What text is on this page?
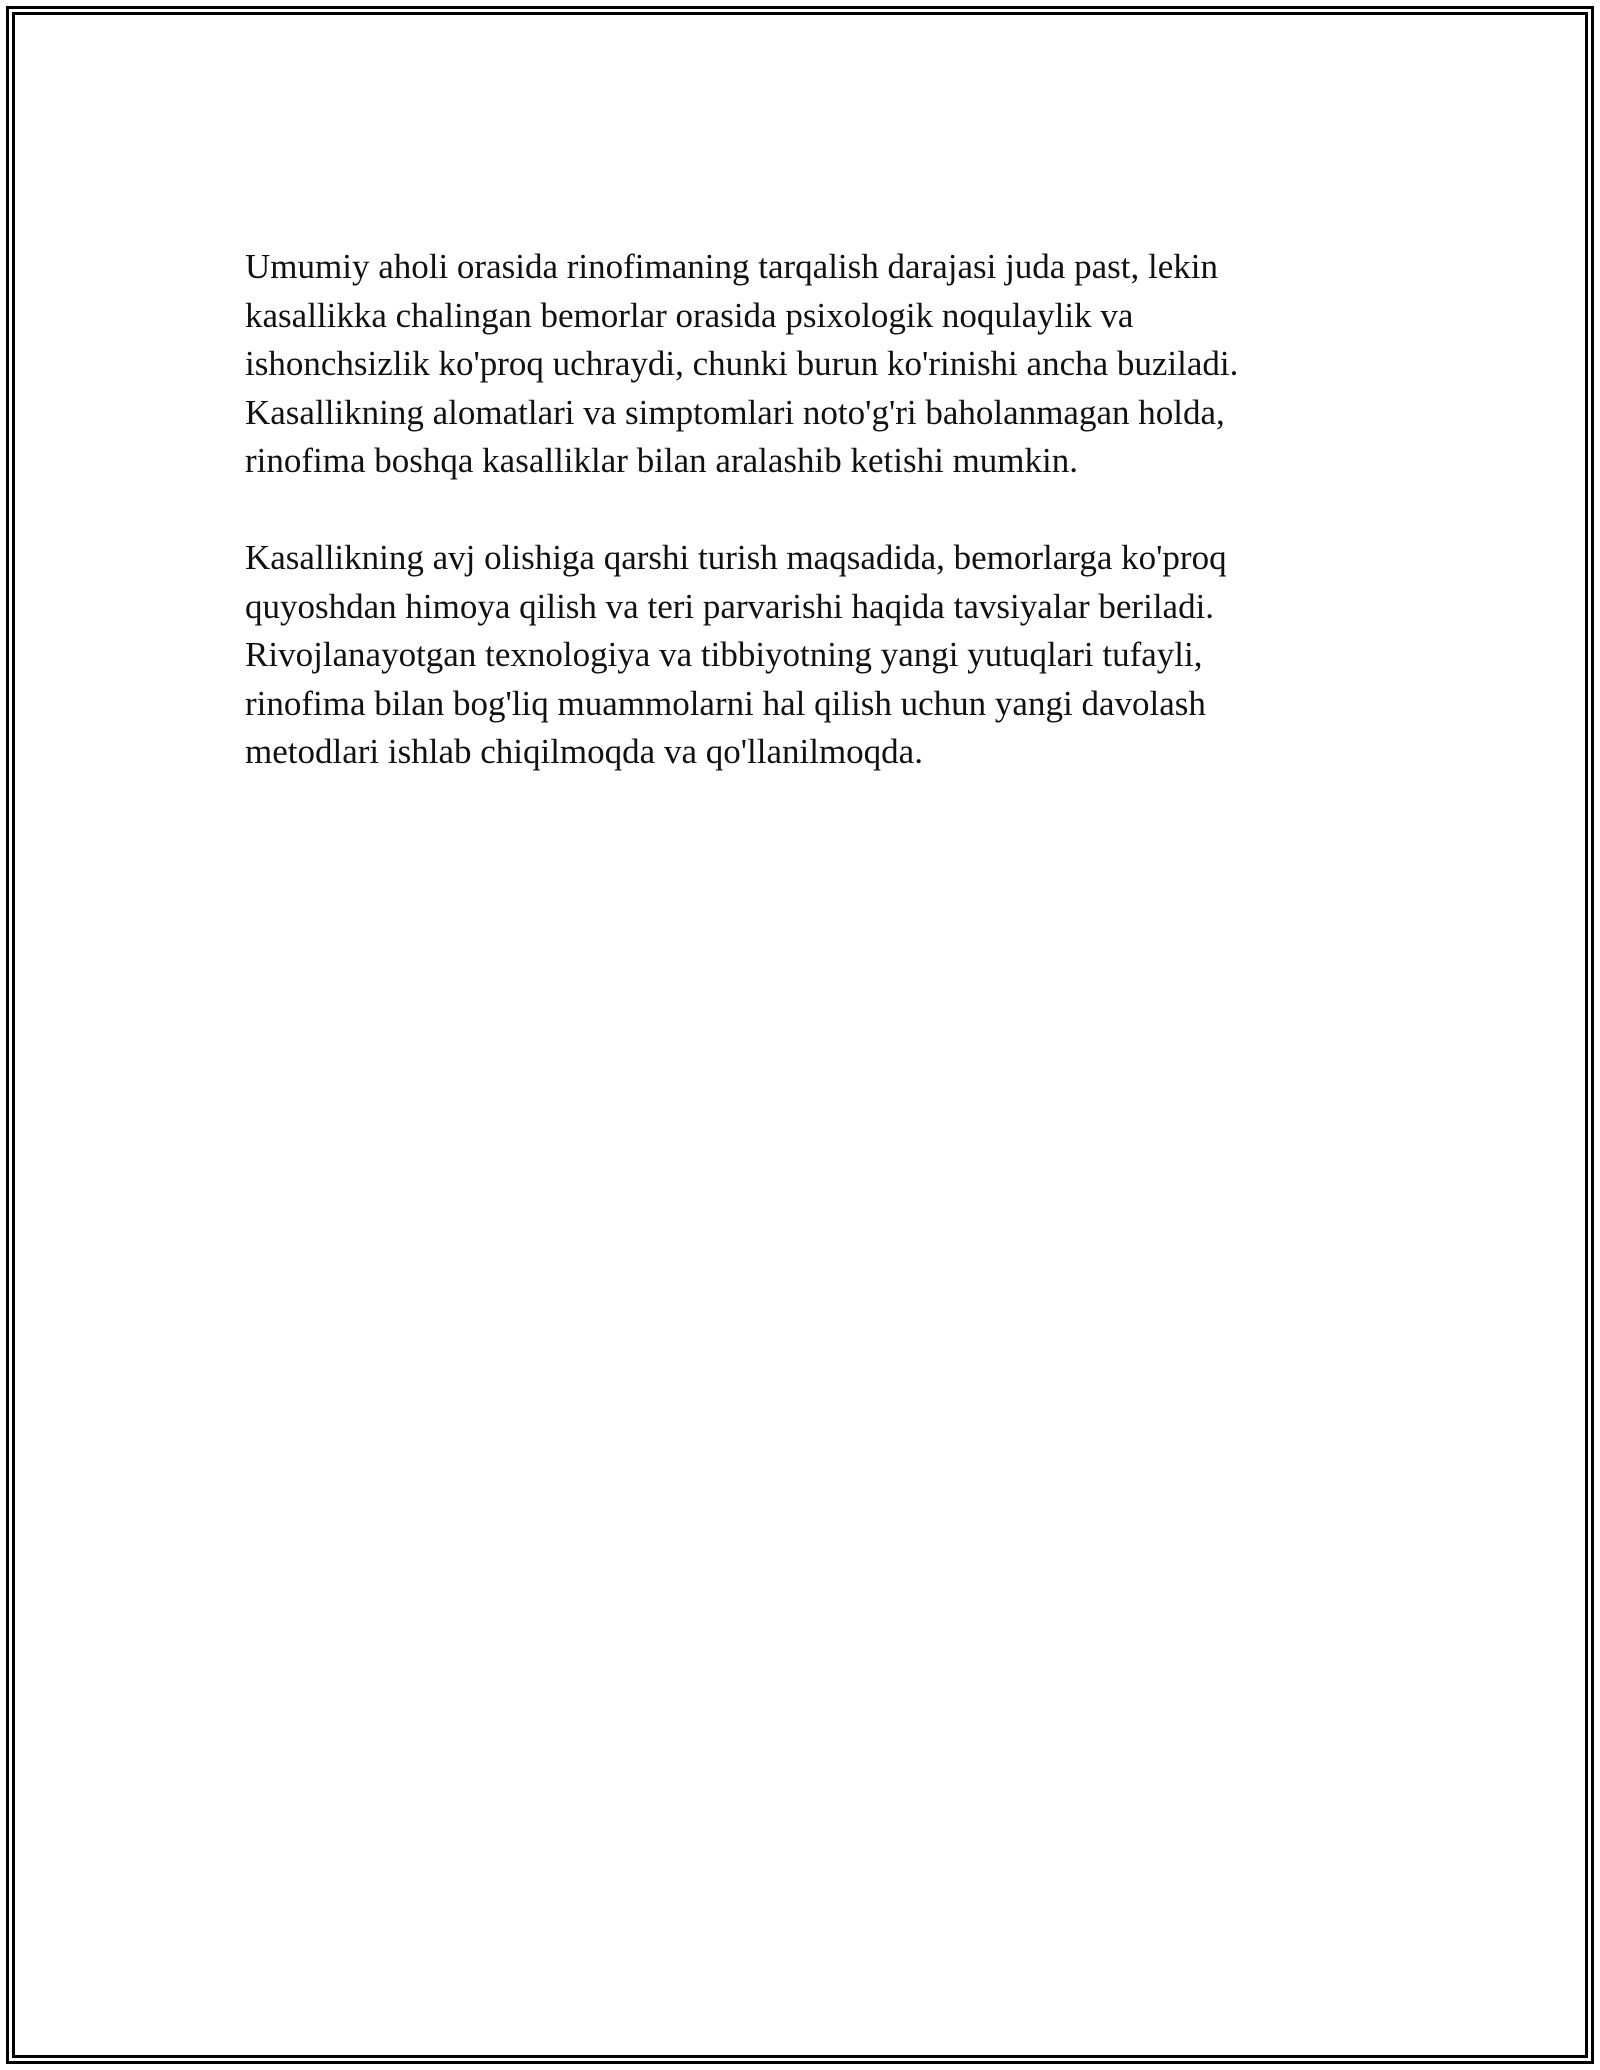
Umumiy aholi orasida rinofimaning tarqalish darajasi juda past, lekin
kasallikka chalingan bemorlar orasida psixologik noqulaylik va
ishonchsizlik ko'proq uchraydi, chunki burun ko'rinishi ancha buziladi.
Kasallikning alomatlari va simptomlari noto'g'ri baholanmagan holda,
rinofima boshqa kasalliklar bilan aralashib ketishi mumkin.

Kasallikning avj olishiga qarshi turish maqsadida, bemorlarga ko'proq
quyoshdan himoya qilish va teri parvarishi haqida tavsiyalar beriladi.
Rivojlanayotgan texnologiya va tibbiyotning yangi yutuqlari tufayli,
rinofima bilan bog'liq muammolarni hal qilish uchun yangi davolash
metodlari ishlab chiqilmoqda va qo'llanilmoqda.
